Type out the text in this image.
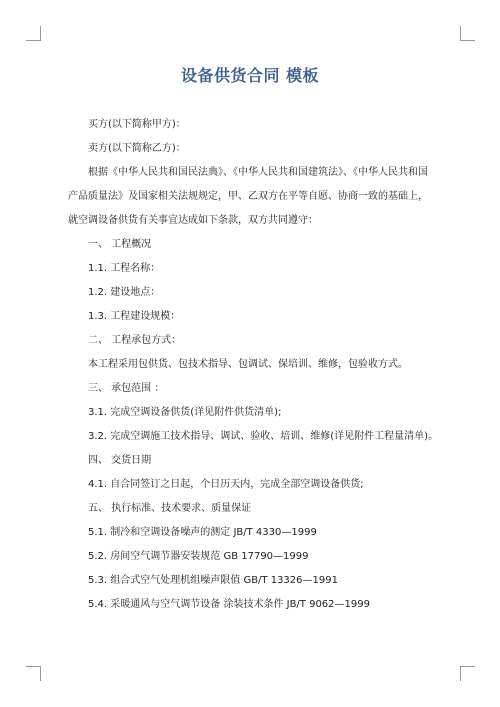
设备供货合同 模板

买方(以下简称甲方)：

卖方(以下简称乙方)：

根据《中华人民共和国民法典》、《中华人民共和国建筑法》、《中华人民共和国产品质量法》及国家相关法规规定，甲、乙双方在平等自愿、协商一致的基础上，就空调设备供货有关事宜达成如下条款，双方共同遵守：

一、 工程概况

1.1. 工程名称：

1.2. 建设地点：

1.3. 工程建设规模：

二、 工程承包方式：

本工程采用包供货、包技术指导、包调试、保培训、维修，包验收方式。

三、 承包范围 ：

3.1. 完成空调设备供货(详见附件供货清单);

3.2. 完成空调施工技术指导、调试、验收、培训、维修(详见附件工程量清单)。

四、 交货日期

4.1. 自合同签订之日起，个日历天内，完成全部空调设备供货;

五、 执行标准、技术要求、质量保证

5.1. 制冷和空调设备噪声的测定 JB/T 4330—1999

5.2. 房间空气调节器安装规范 GB 17790—1999

5.3. 组合式空气处理机组噪声限值 GB/T 13326—1991

5.4. 采暖通风与空气调节设备 涂装技术条件 JB/T 9062—1999
